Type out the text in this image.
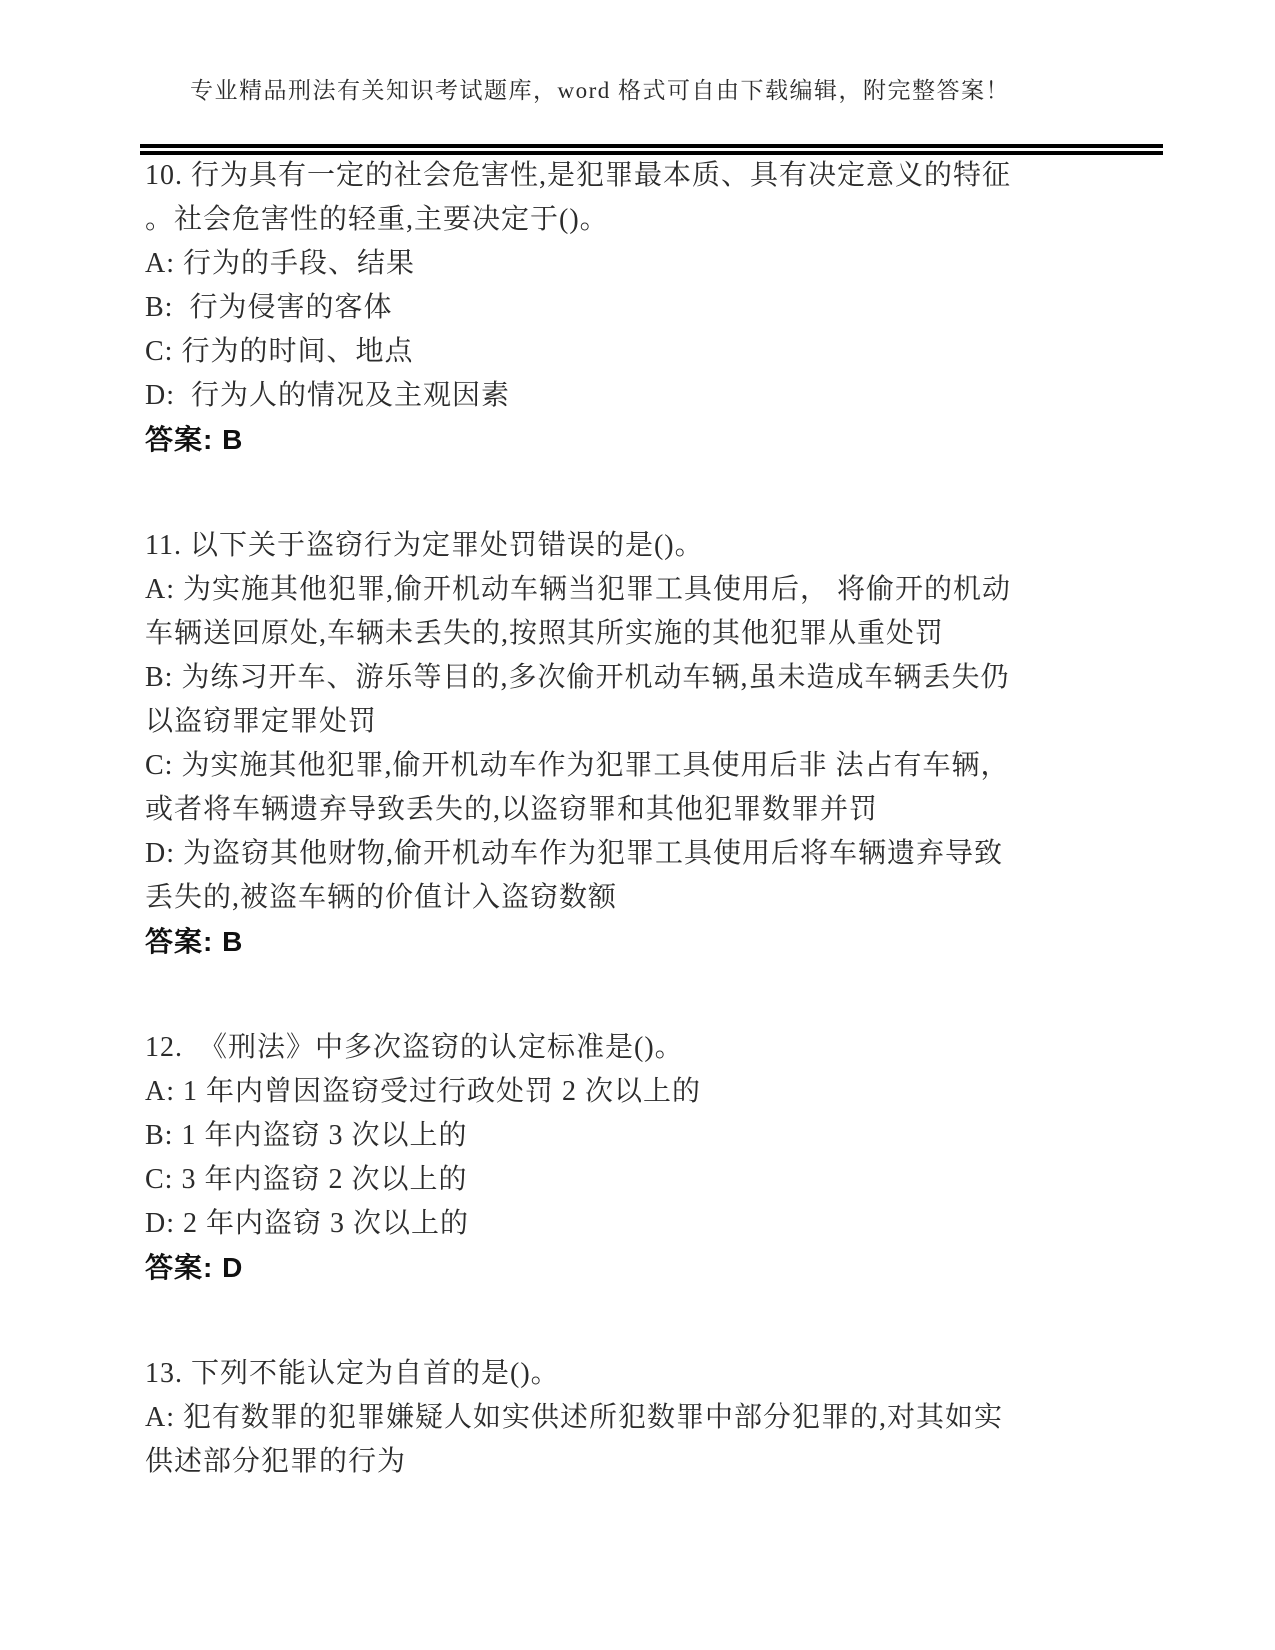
专业精品刑法有关知识考试题库，word 格式可自由下载编辑，附完整答案！
10. 行为具有一定的社会危害性,是犯罪最本质、具有决定意义的特征
。社会危害性的轻重,主要决定于()。
A: 行为的手段、结果
B:  行为侵害的客体
C: 行为的时间、地点
D:  行为人的情况及主观因素
答案: B
11. 以下关于盗窃行为定罪处罚错误的是()。
A: 为实施其他犯罪,偷开机动车辆当犯罪工具使用后， 将偷开的机动
车辆送回原处,车辆未丢失的,按照其所实施的其他犯罪从重处罚
B: 为练习开车、游乐等目的,多次偷开机动车辆,虽未造成车辆丢失仍
以盗窃罪定罪处罚
C: 为实施其他犯罪,偷开机动车作为犯罪工具使用后非 法占有车辆，
或者将车辆遗弃导致丢失的,以盗窃罪和其他犯罪数罪并罚
D: 为盗窃其他财物,偷开机动车作为犯罪工具使用后将车辆遗弃导致
丢失的,被盗车辆的价值计入盗窃数额
答案: B
12.  《刑法》中多次盗窃的认定标准是()。
A: 1 年内曾因盗窃受过行政处罚 2 次以上的
B: 1 年内盗窃 3 次以上的
C: 3 年内盗窃 2 次以上的
D: 2 年内盗窃 3 次以上的
答案: D
13. 下列不能认定为自首的是()。
A: 犯有数罪的犯罪嫌疑人如实供述所犯数罪中部分犯罪的,对其如实
供述部分犯罪的行为
